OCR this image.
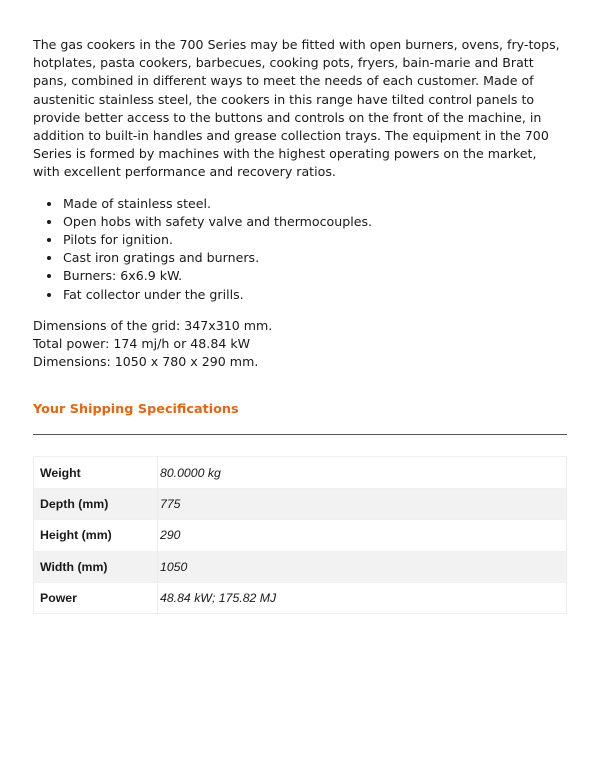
The gas cookers in the 700 Series may be fitted with open burners, ovens, fry-tops, hotplates, pasta cookers, barbecues, cooking pots, fryers, bain-marie and Bratt pans, combined in different ways to meet the needs of each customer. Made of austenitic stainless steel, the cookers in this range have tilted control panels to provide better access to the buttons and controls on the front of the machine, in addition to built-in handles and grease collection trays. The equipment in the 700 Series is formed by machines with the highest operating powers on the market, with excellent performance and recovery ratios.

• Made of stainless steel.
• Open hobs with safety valve and thermocouples.
• Pilots for ignition.
• Cast iron gratings and burners.
• Burners: 6x6.9 kW.
• Fat collector under the grills.
Dimensions of the grid: 347x310 mm.
Total power: 174 mj/h or 48.84 kW
Dimensions: 1050 x 780 x 290 mm.
Your Shipping Specifications
Weight	80.0000 kg
Depth (mm)	775
Height (mm)	290
Width (mm)	1050
Power	48.84 kW; 175.82 MJ
